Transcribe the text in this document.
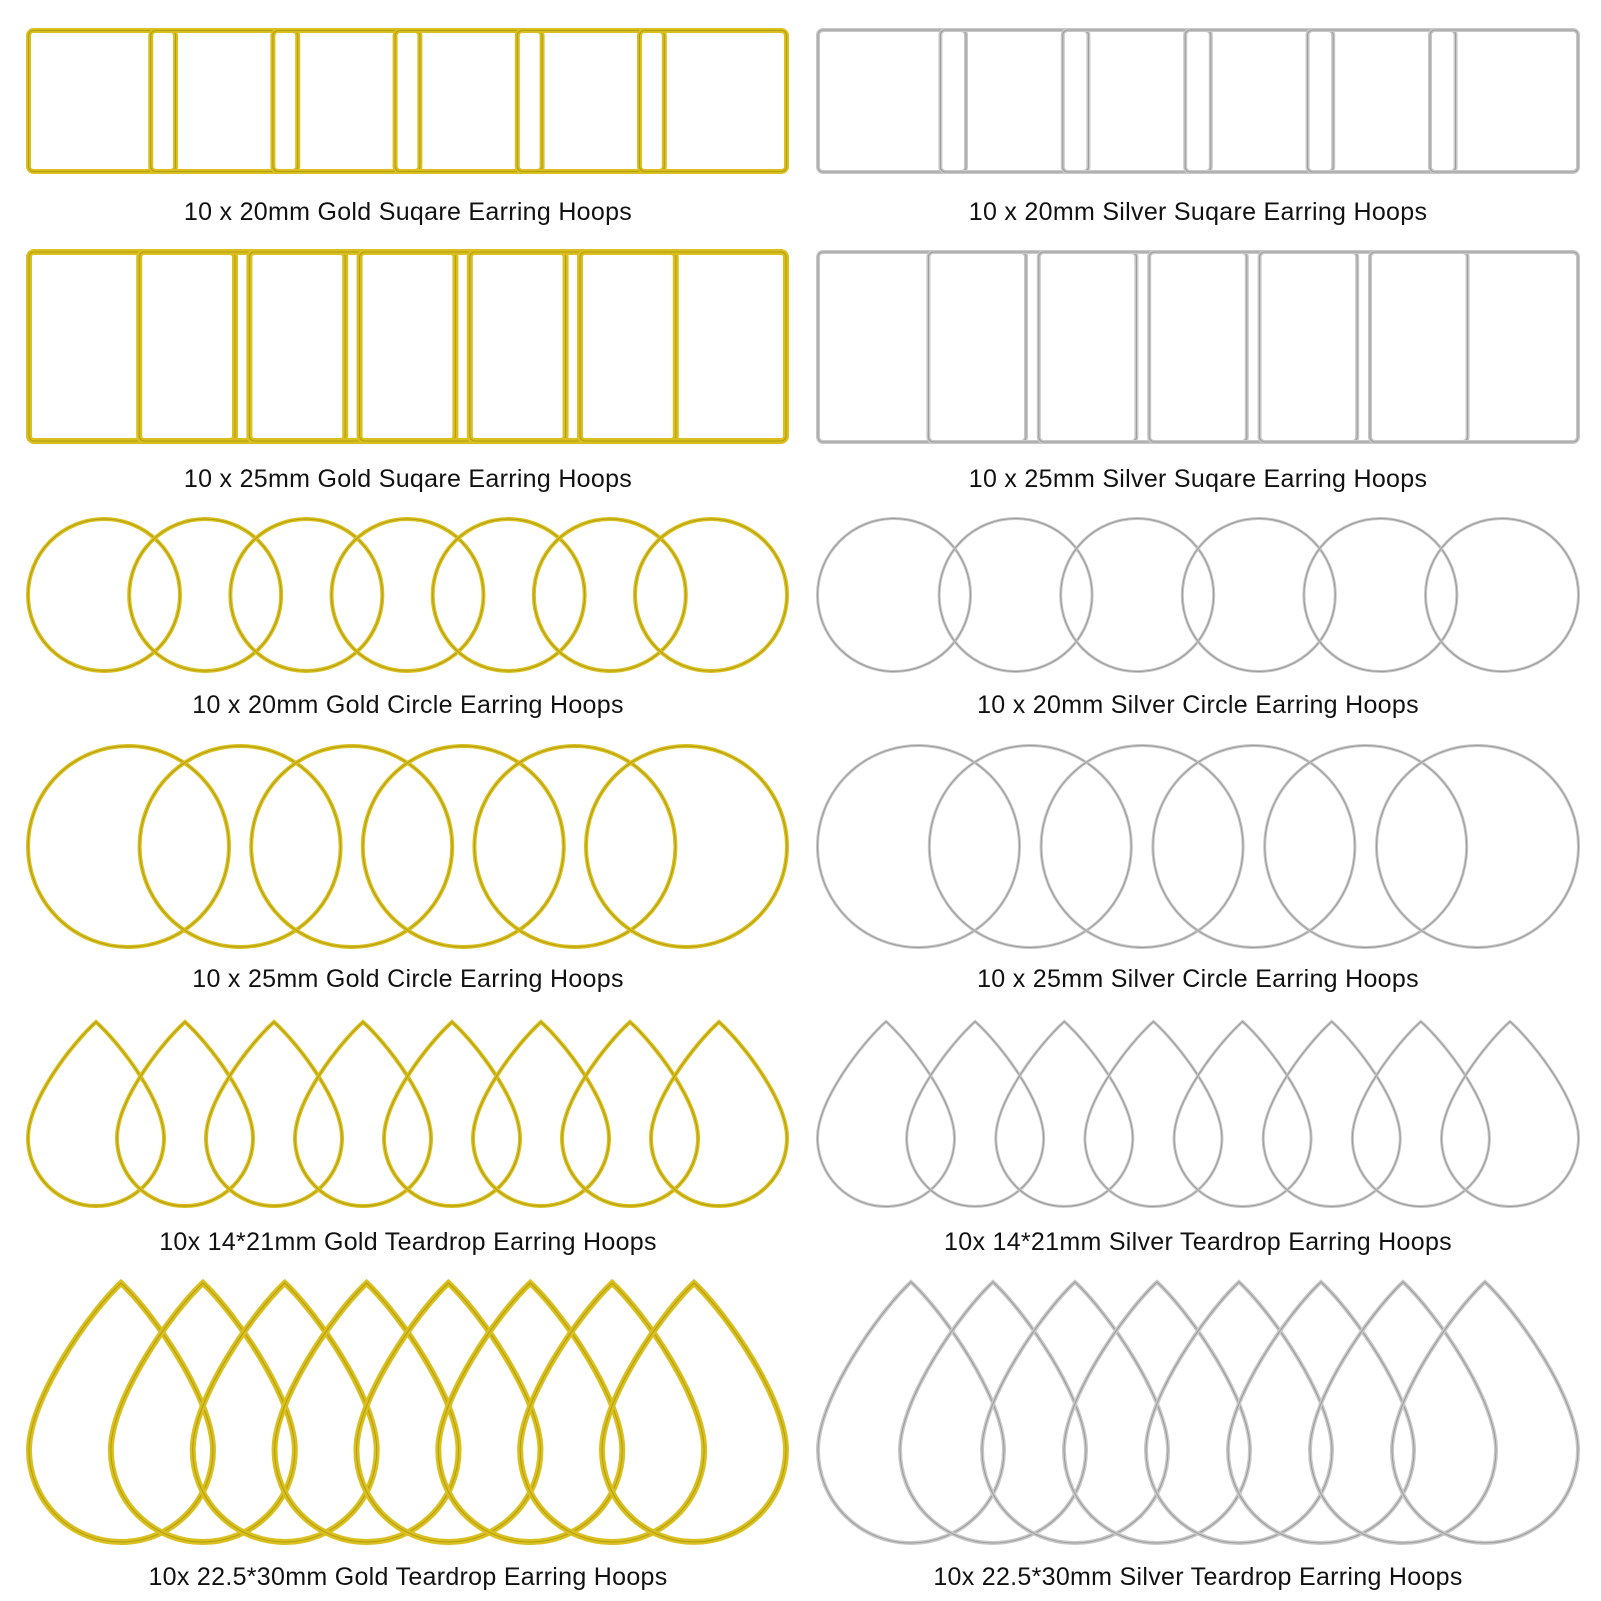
10 x 20mm Gold Suqare Earring Hoops	10 x 20mm Silver Suqare Earring Hoops
10 x 25mm Gold Suqare Earring Hoops	10 x 25mm Silver Suqare Earring Hoops
10 x 20mm Gold Circle Earring Hoops	10 x 20mm Silver Circle Earring Hoops
10 x 25mm Gold Circle Earring Hoops	10 x 25mm Silver Circle Earring Hoops
10x 14*21mm Gold Teardrop Earring Hoops	10x 14*21mm Silver Teardrop Earring Hoops
10x 22.5*30mm Gold Teardrop Earring Hoops	10x 22.5*30mm Silver Teardrop Earring Hoops
